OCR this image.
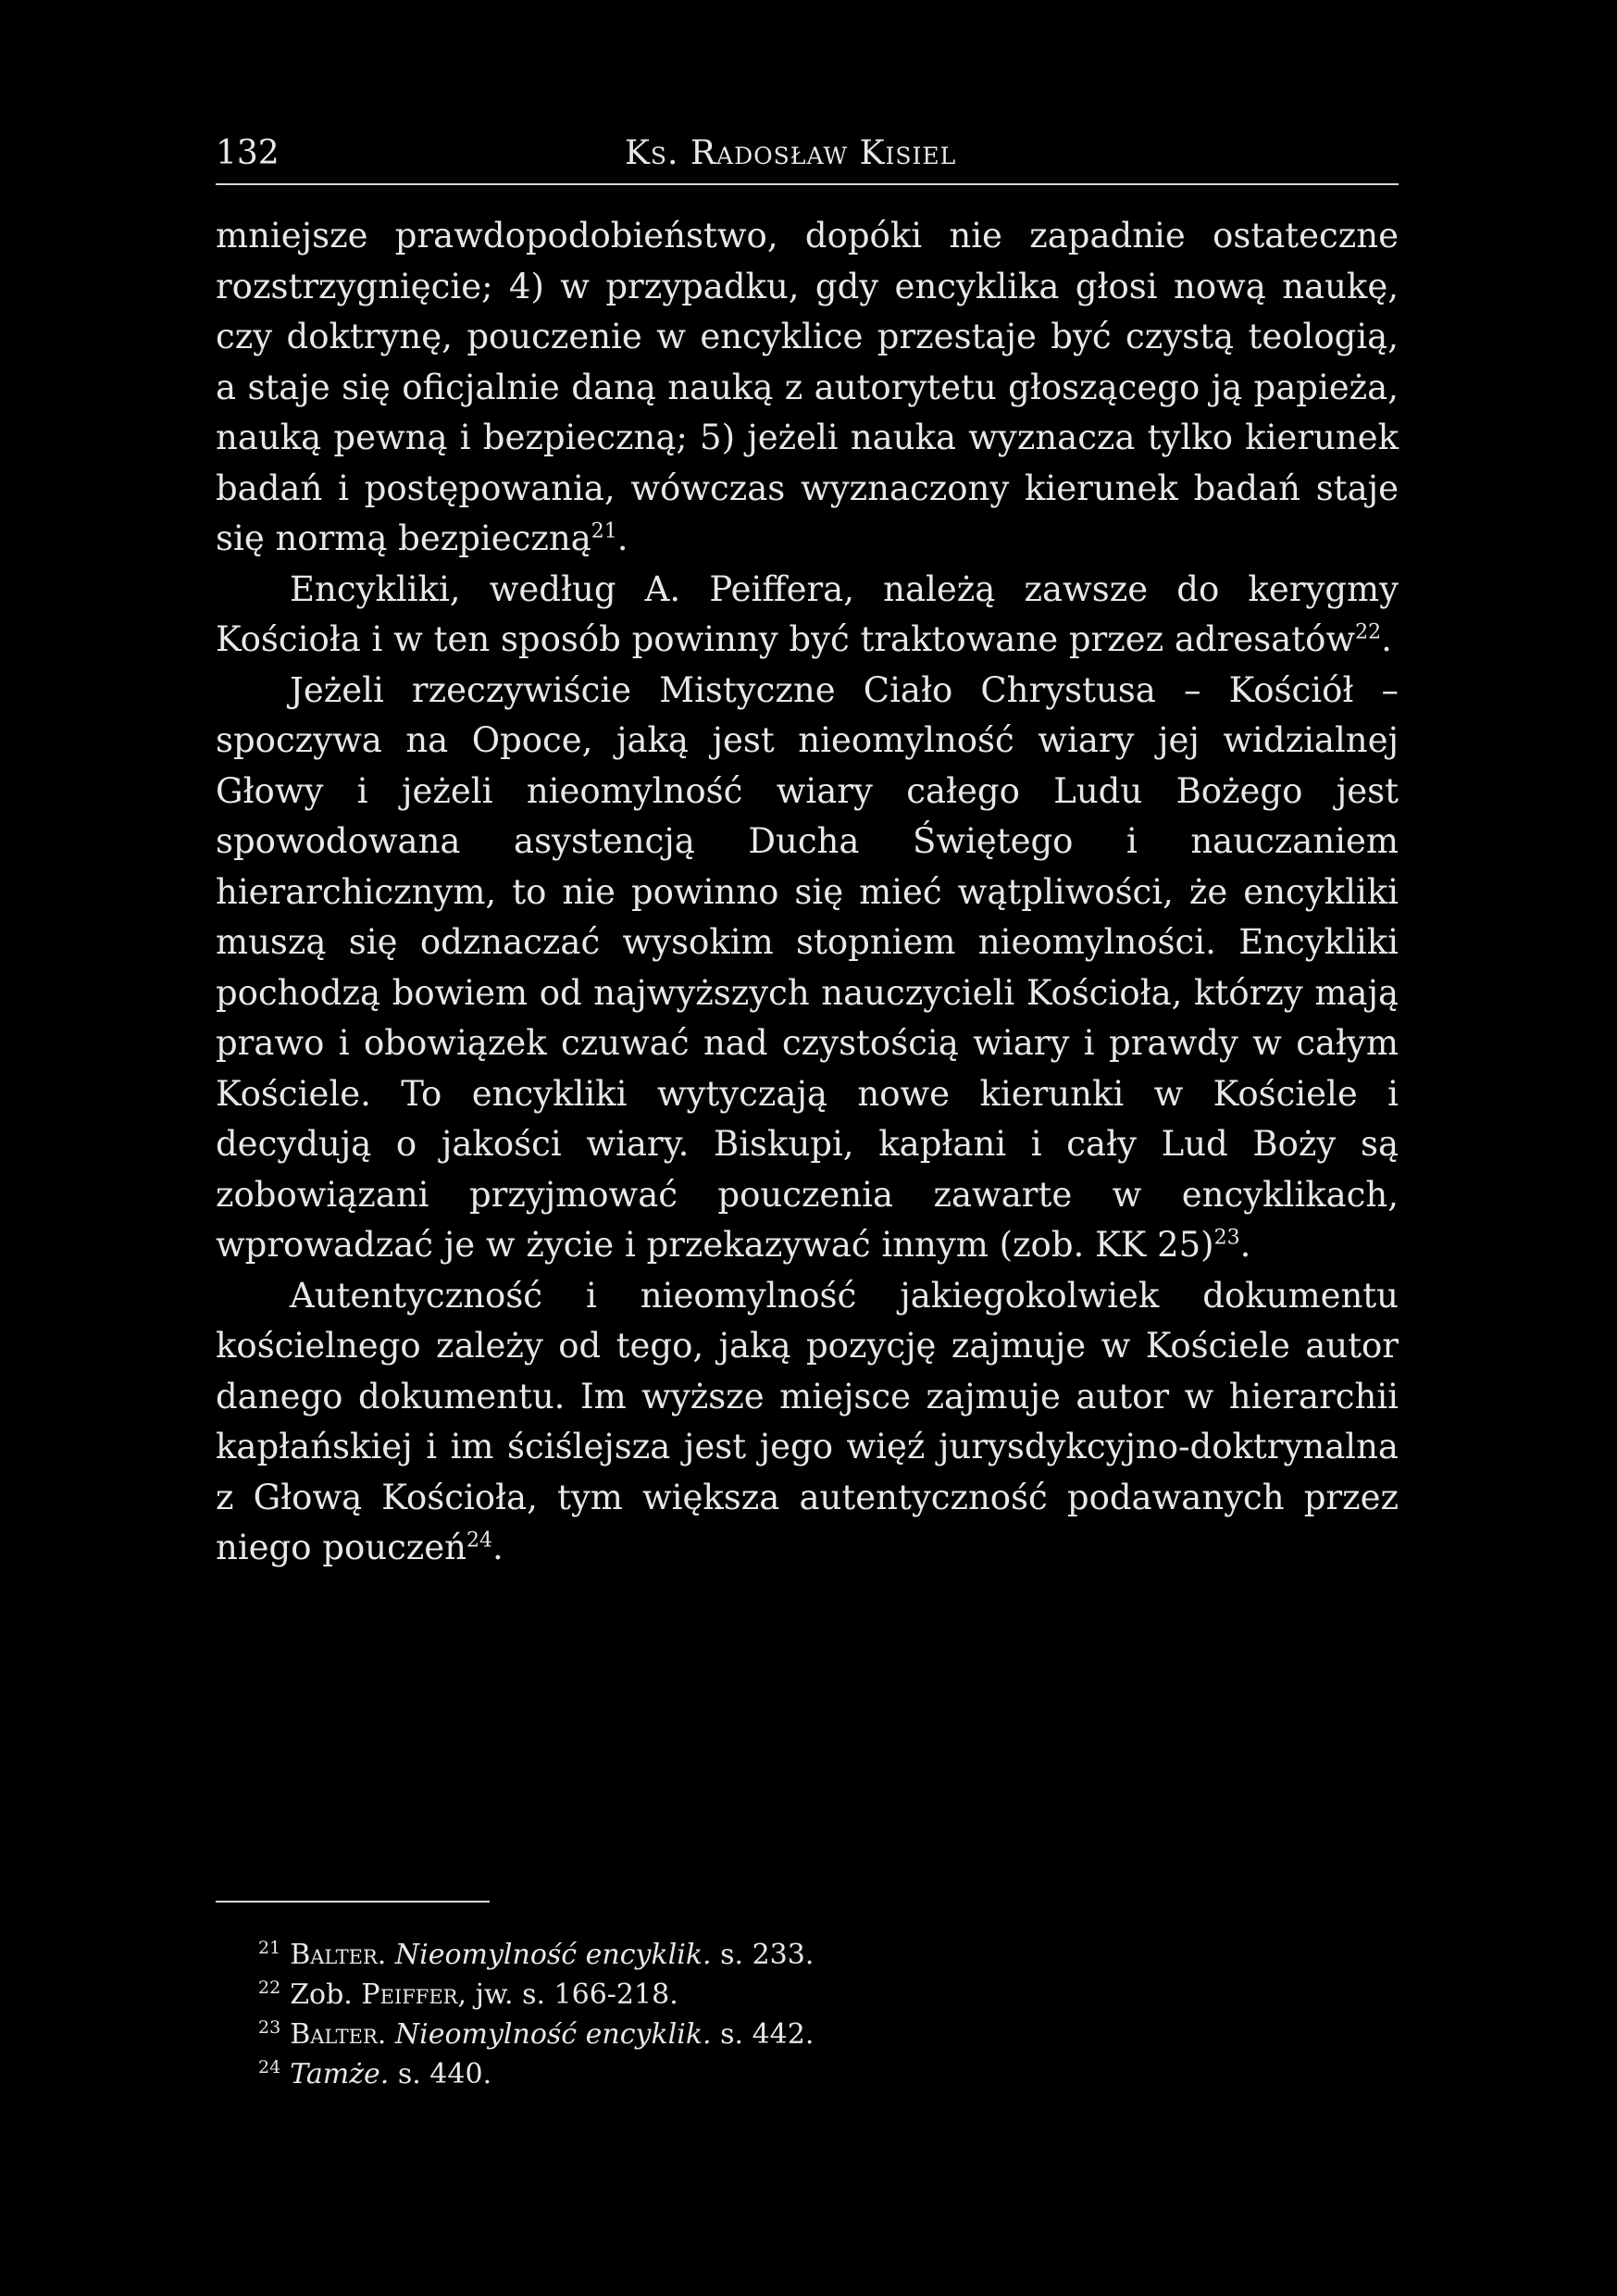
132	Ks. Radosław Kisiel

mniejsze prawdopodobieństwo, dopóki nie zapadnie ostateczne rozstrzygnięcie; 4) w przypadku, gdy encyklika głosi nową naukę, czy doktrynę, pouczenie w encyklice przestaje być czystą teologią, a staje się oficjalnie daną nauką z autorytetu głoszącego ją papieża, nauką pewną i bezpieczną; 5) jeżeli nauka wyznacza tylko kierunek badań i postępowania, wówczas wyznaczony kierunek badań staje się normą bezpieczną$^{21}$.

Encykliki, według A. Peiffera, należą zawsze do kerygmy Kościoła i w ten sposób powinny być traktowane przez adresatów$^{22}$.

Jeżeli rzeczywiście Mistyczne Ciało Chrystusa – Kościół – spoczywa na Opoce, jaką jest nieomylność wiary jej widzialnej Głowy i jeżeli nieomylność wiary całego Ludu Bożego jest spowodowana asystencją Ducha Świętego i nauczaniem hierarchicznym, to nie powinno się mieć wątpliwości, że encykliki muszą się odznaczać wysokim stopniem nieomylności. Encykliki pochodzą bowiem od najwyższych nauczycieli Kościoła, którzy mają prawo i obowiązek czuwać nad czystością wiary i prawdy w całym Kościele. To encykliki wytyczają nowe kierunki w Kościele i decydują o jakości wiary. Biskupi, kapłani i cały Lud Boży są zobowiązani przyjmować pouczenia zawarte w encyklikach, wprowadzać je w życie i przekazywać innym (zob. KK 25)$^{23}$.

Autentyczność i nieomylność jakiegokolwiek dokumentu kościelnego zależy od tego, jaką pozycję zajmuje w Kościele autor danego dokumentu. Im wyższe miejsce zajmuje autor w hierarchii kapłańskiej i im ściślejsza jest jego więź jurysdykcyjno-doktrynalna z Głową Kościoła, tym większa autentyczność podawanych przez niego pouczeń$^{24}$.

$^{21}$ Balter. Nieomylność encyklik. s. 233.
$^{22}$ Zob. Peiffer, jw. s. 166-218.
$^{23}$ Balter. Nieomylność encyklik. s. 442.
$^{24}$ Tamże. s. 440.
